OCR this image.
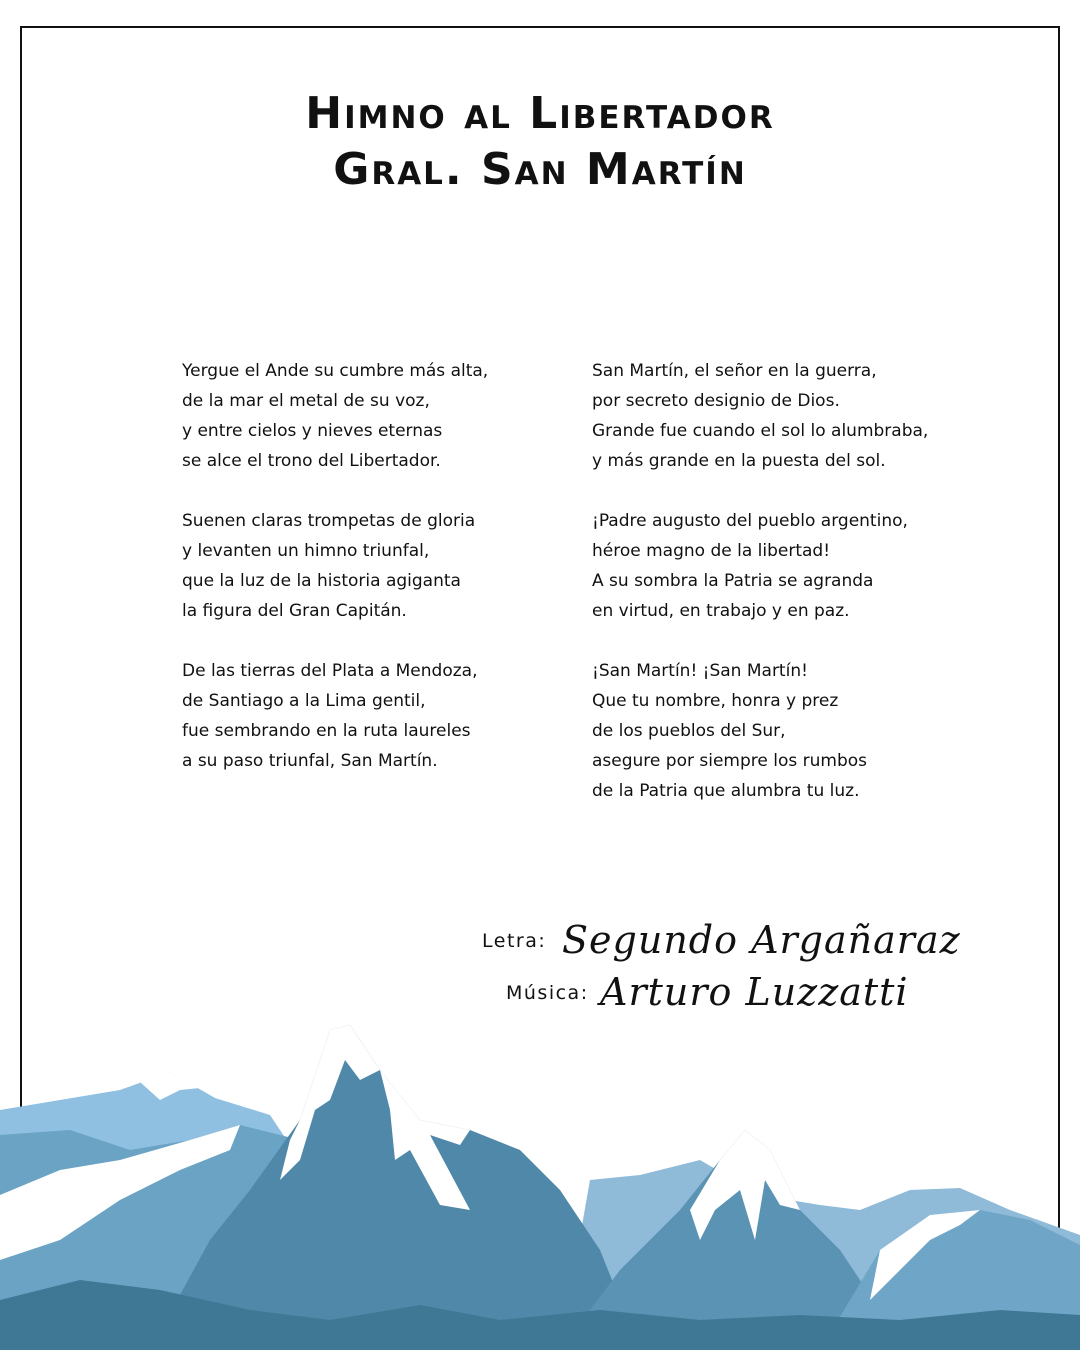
Himno al Libertador
Gral. San Martín
Yergue el Ande su cumbre más alta,
de la mar el metal de su voz,
y entre cielos y nieves eternas
se alce el trono del Libertador.
Suenen claras trompetas de gloria
y levanten un himno triunfal,
que la luz de la historia agiganta
la figura del Gran Capitán.
De las tierras del Plata a Mendoza,
de Santiago a la Lima gentil,
fue sembrando en la ruta laureles
a su paso triunfal, San Martín.
San Martín, el señor en la guerra,
por secreto designio de Dios.
Grande fue cuando el sol lo alumbraba,
y más grande en la puesta del sol.
¡Padre augusto del pueblo argentino,
héroe magno de la libertad!
A su sombra la Patria se agranda
en virtud, en trabajo y en paz.
¡San Martín! ¡San Martín!
Que tu nombre, honra y prez
de los pueblos del Sur,
asegure por siempre los rumbos
de la Patria que alumbra tu luz.
Letra: Segundo Argañaraz
Música: Arturo Luzzatti
